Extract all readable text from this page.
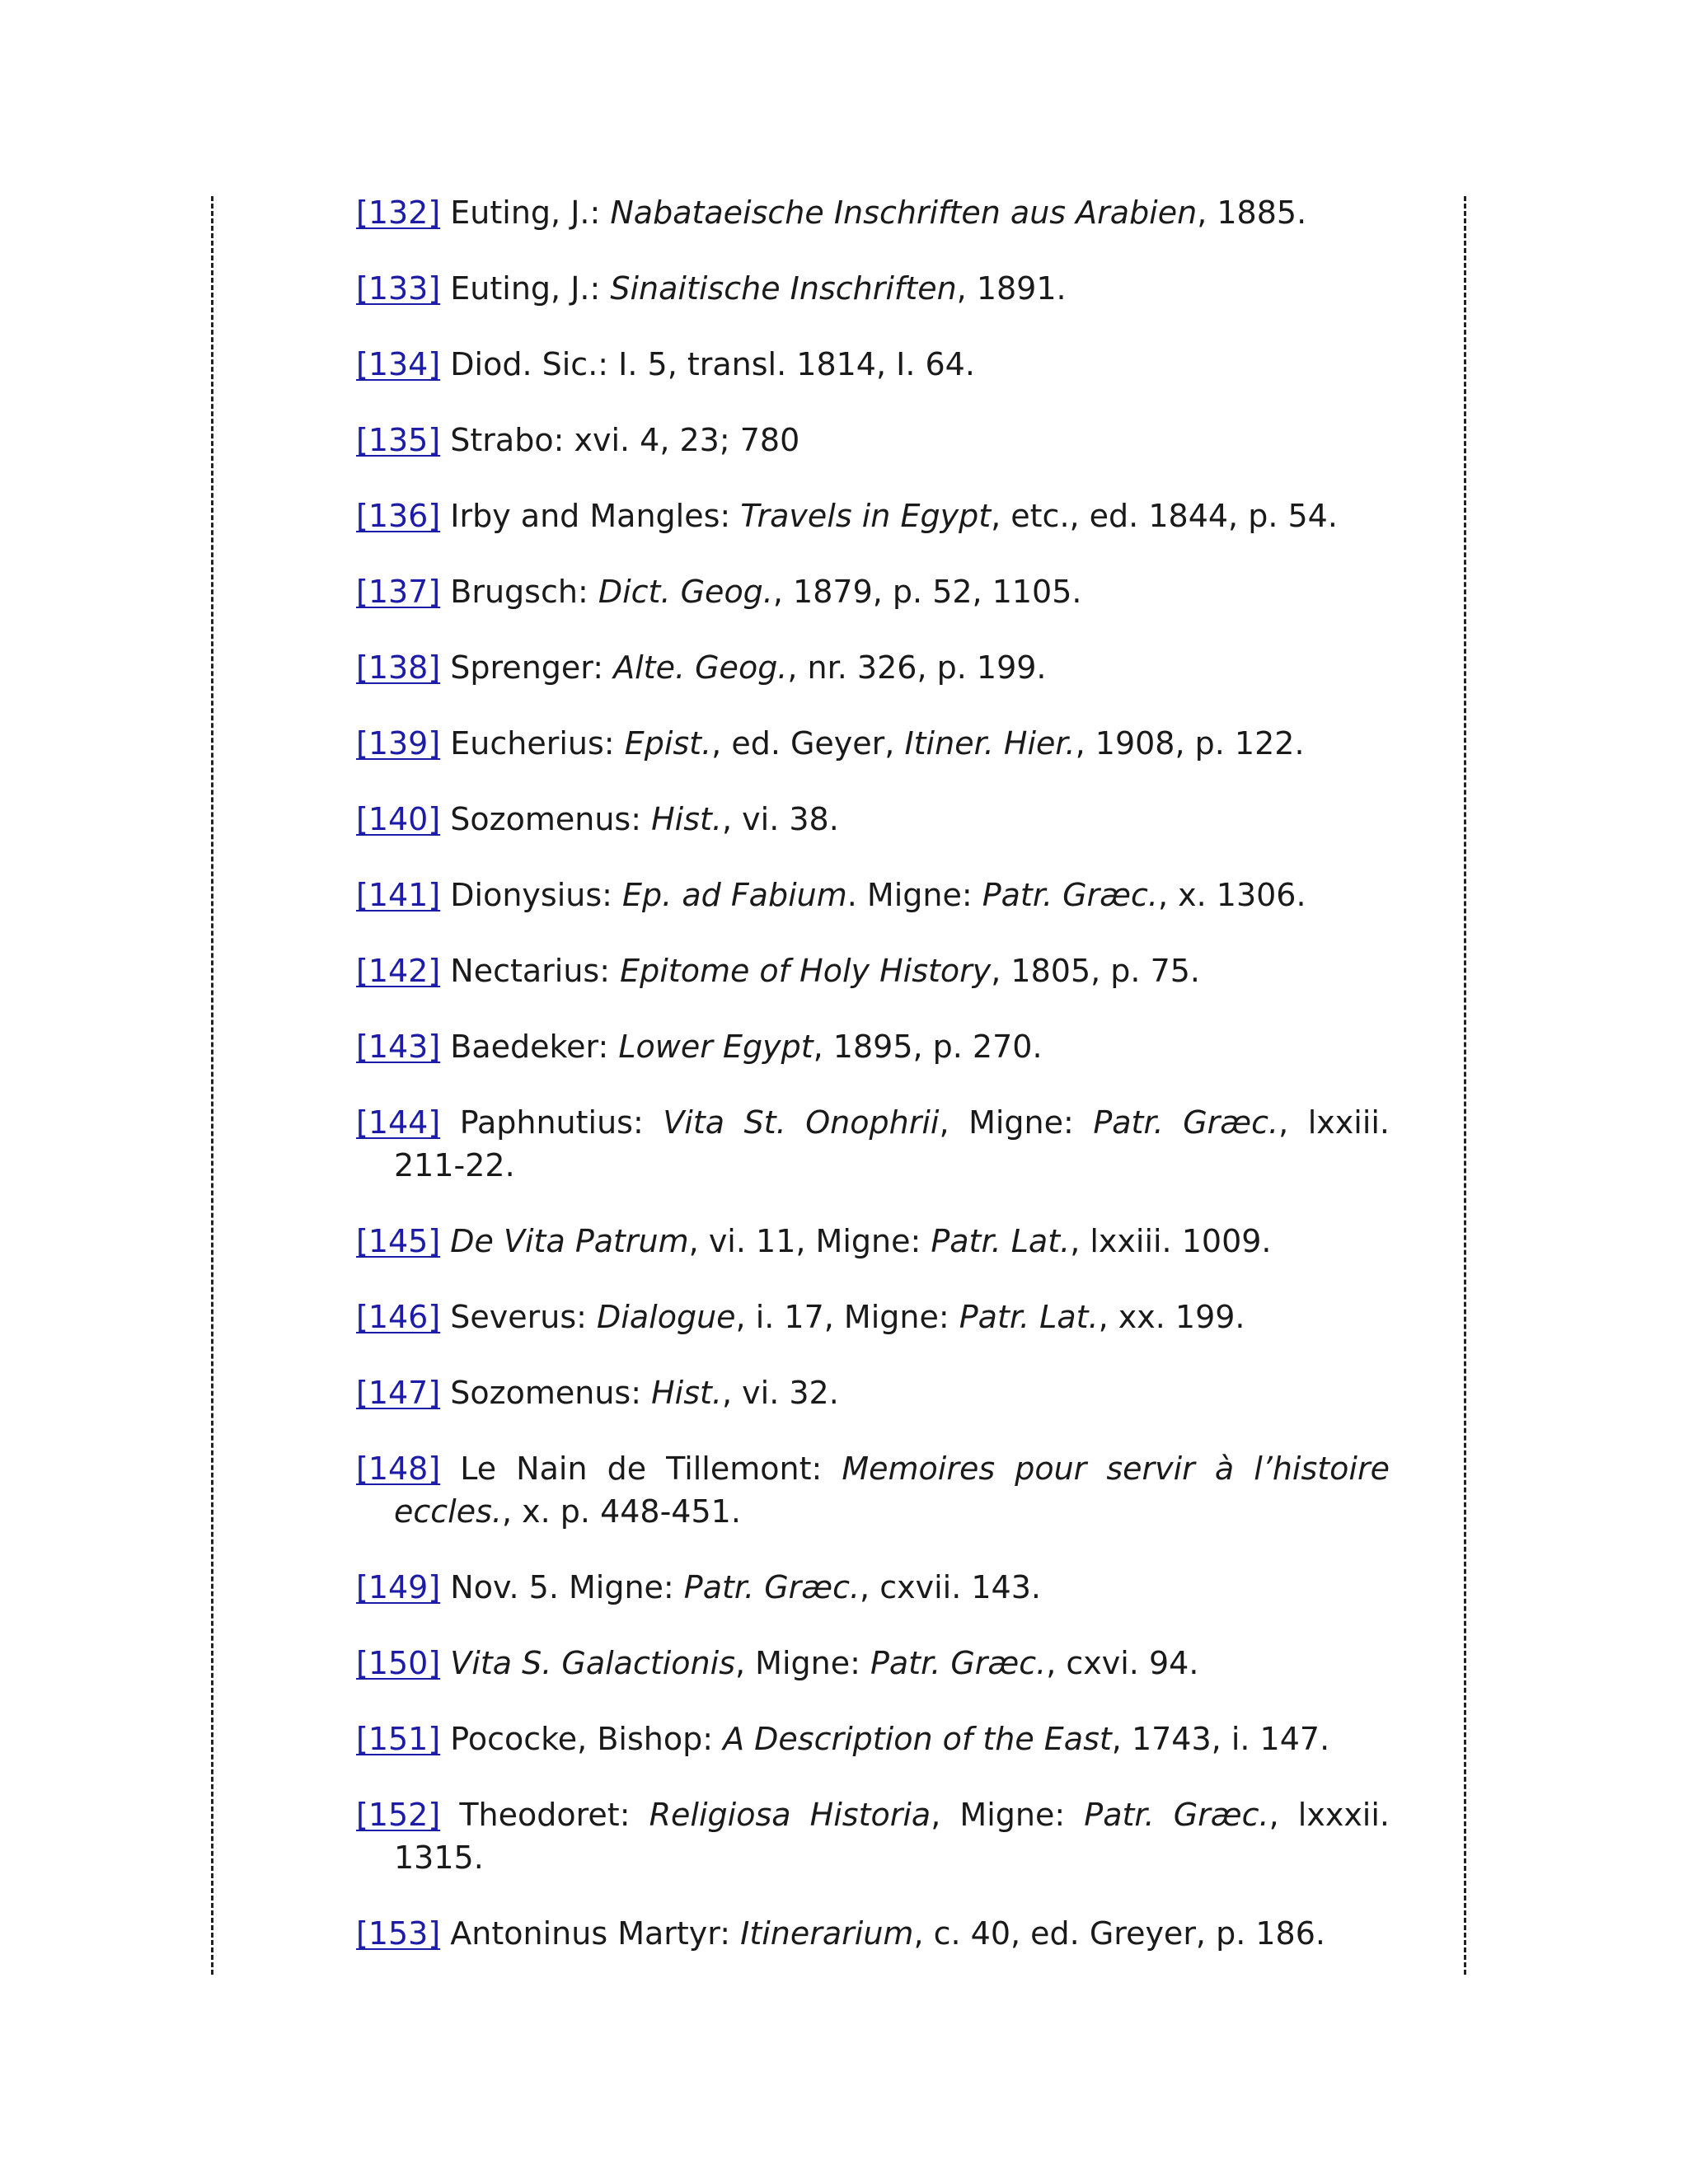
[132] Euting, J.: Nabataeische Inschriften aus Arabien, 1885.
[133] Euting, J.: Sinaitische Inschriften, 1891.
[134] Diod. Sic.: I. 5, transl. 1814, I. 64.
[135] Strabo: xvi. 4, 23; 780
[136] Irby and Mangles: Travels in Egypt, etc., ed. 1844, p. 54.
[137] Brugsch: Dict. Geog., 1879, p. 52, 1105.
[138] Sprenger: Alte. Geog., nr. 326, p. 199.
[139] Eucherius: Epist., ed. Geyer, Itiner. Hier., 1908, p. 122.
[140] Sozomenus: Hist., vi. 38.
[141] Dionysius: Ep. ad Fabium. Migne: Patr. Græc., x. 1306.
[142] Nectarius: Epitome of Holy History, 1805, p. 75.
[143] Baedeker: Lower Egypt, 1895, p. 270.
[144] Paphnutius: Vita St. Onophrii, Migne: Patr. Græc., lxxiii. 211-22.
[145] De Vita Patrum, vi. 11, Migne: Patr. Lat., lxxiii. 1009.
[146] Severus: Dialogue, i. 17, Migne: Patr. Lat., xx. 199.
[147] Sozomenus: Hist., vi. 32.
[148] Le Nain de Tillemont: Memoires pour servir à l’histoire eccles., x. p. 448-451.
[149] Nov. 5. Migne: Patr. Græc., cxvii. 143.
[150] Vita S. Galactionis, Migne: Patr. Græc., cxvi. 94.
[151] Pococke, Bishop: A Description of the East, 1743, i. 147.
[152] Theodoret: Religiosa Historia, Migne: Patr. Græc., lxxxii. 1315.
[153] Antoninus Martyr: Itinerarium, c. 40, ed. Greyer, p. 186.
